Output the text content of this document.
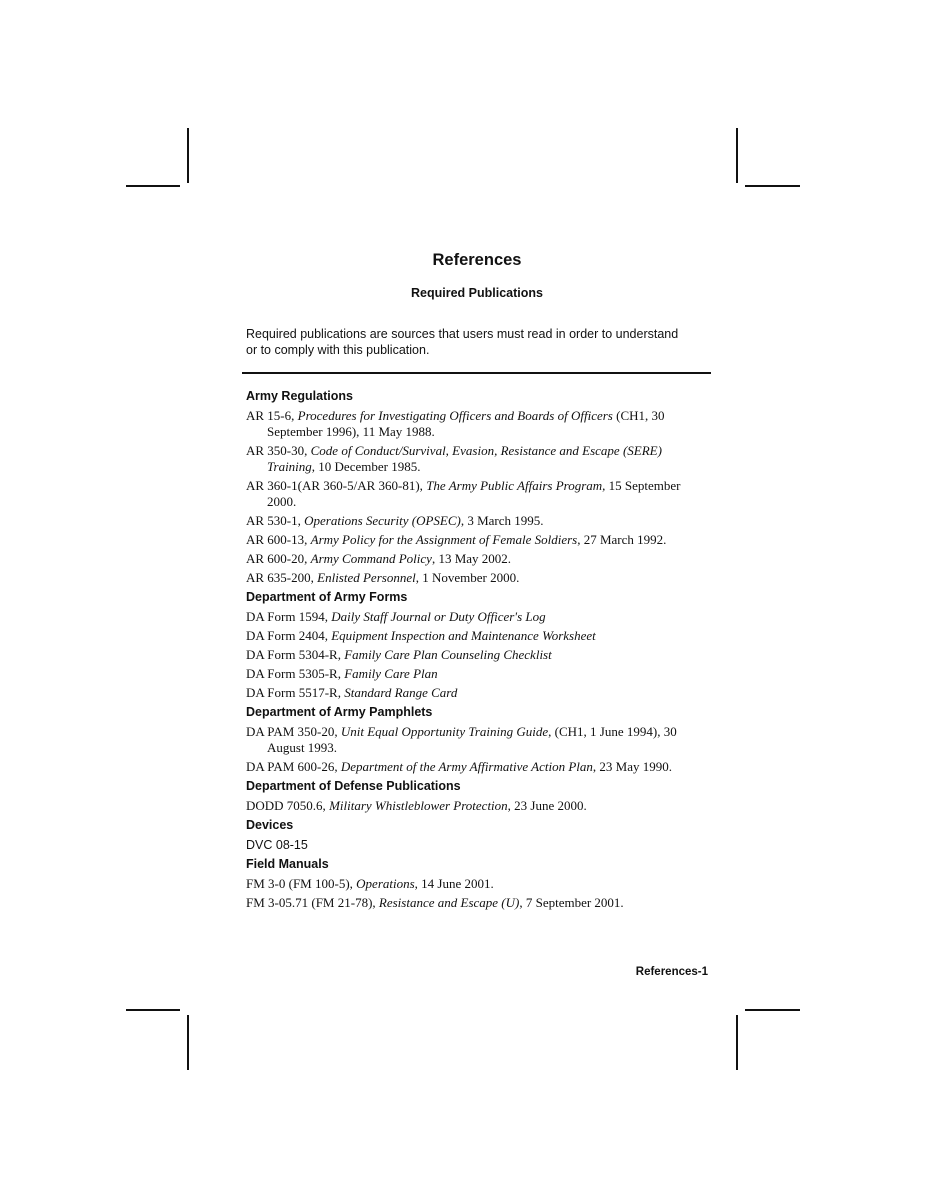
References
Required Publications
Required publications are sources that users must read in order to understand or to comply with this publication.
Army Regulations
AR 15-6, Procedures for Investigating Officers and Boards of Officers (CH1, 30 September 1996), 11 May 1988.
AR 350-30, Code of Conduct/Survival, Evasion, Resistance and Escape (SERE) Training, 10 December 1985.
AR 360-1(AR 360-5/AR 360-81), The Army Public Affairs Program, 15 September 2000.
AR 530-1, Operations Security (OPSEC), 3 March 1995.
AR 600-13, Army Policy for the Assignment of Female Soldiers, 27 March 1992.
AR 600-20, Army Command Policy, 13 May 2002.
AR 635-200, Enlisted Personnel, 1 November 2000.
Department of Army Forms
DA Form 1594, Daily Staff Journal or Duty Officer's Log
DA Form 2404, Equipment Inspection and Maintenance Worksheet
DA Form 5304-R, Family Care Plan Counseling Checklist
DA Form 5305-R, Family Care Plan
DA Form 5517-R, Standard Range Card
Department of Army Pamphlets
DA PAM 350-20, Unit Equal Opportunity Training Guide, (CH1, 1 June 1994), 30 August 1993.
DA PAM 600-26, Department of the Army Affirmative Action Plan, 23 May 1990.
Department of Defense Publications
DODD 7050.6, Military Whistleblower Protection, 23 June 2000.
Devices
DVC 08-15
Field Manuals
FM 3-0 (FM 100-5), Operations, 14 June 2001.
FM 3-05.71 (FM 21-78), Resistance and Escape (U), 7 September 2001.
References-1
